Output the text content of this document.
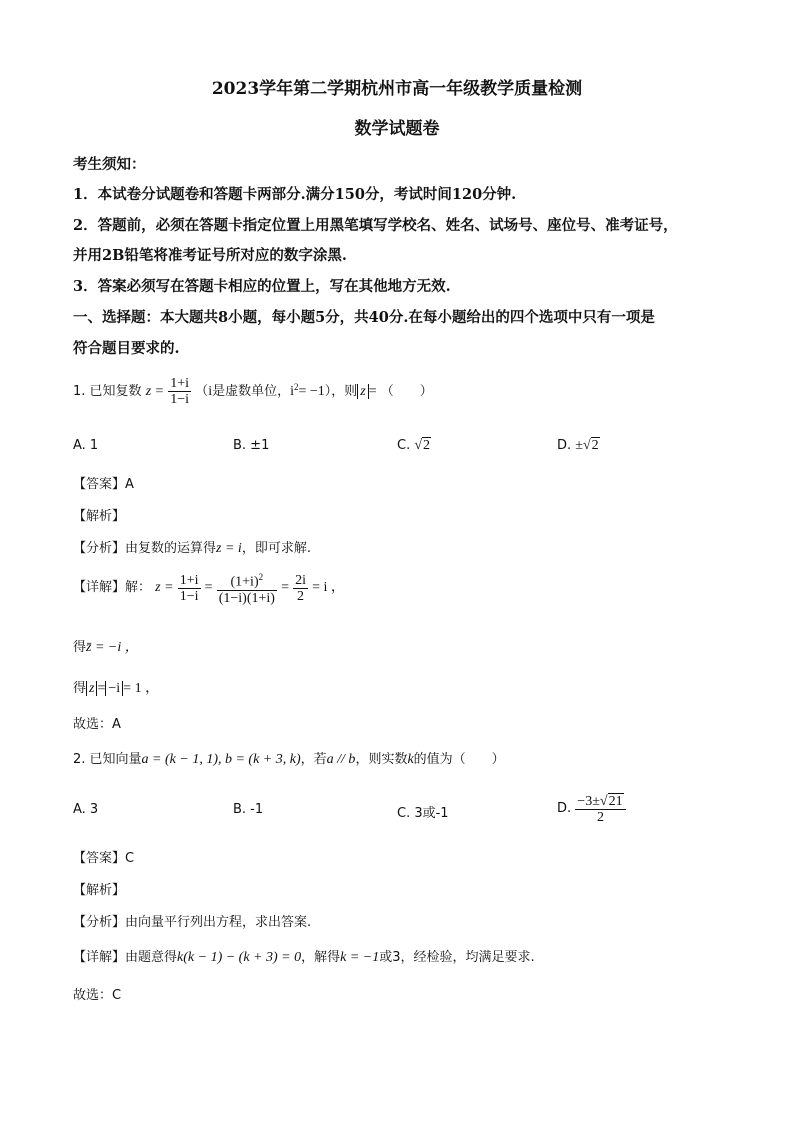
2023学年第二学期杭州市高一年级教学质量检测
数学试题卷
考生须知：
1．本试卷分试题卷和答题卡两部分.满分150分，考试时间120分钟.
2．答题前，必须在答题卡指定位置上用黑笔填写学校名、姓名、试场号、座位号、准考证号，
并用2B铅笔将准考证号所对应的数字涂黑.
3．答案必须写在答题卡相应的位置上，写在其他地方无效.
一、选择题：本大题共8小题，每小题5分，共40分.在每小题给出的四个选项中只有一项是
符合题目要求的.
1. 已知复数 $z = \frac{1+i}{1-i} (i$是虚数单位，$i^2= -1$），则 z = （　　）
A. 1	B. ±1	C. √2	D. ±√2
【答案】A
【解析】
【分析】由复数的运算得z = i，即可求解.
【详解】解： $z = \frac{1+i}{1-i} = \frac{(1+i)^2}{(1-i)(1+i)} = \frac{2i}{2} = i$ ，
得z̄ = −i ，
得 z = −i = 1 ，
故选：A
2. 已知向量a = (k − 1, 1), b = (k + 3, k)，若a // b，则实数k的值为（　　）
A. 3	B. -1	C. 3或-1	D. $\frac{-3\pm√21}{2}$
【答案】C
【解析】
【分析】由向量平行列出方程，求出答案.
【详解】由题意得k(k − 1) − (k + 3) = 0，解得k = −1或3，经检验，均满足要求.
故选：C
